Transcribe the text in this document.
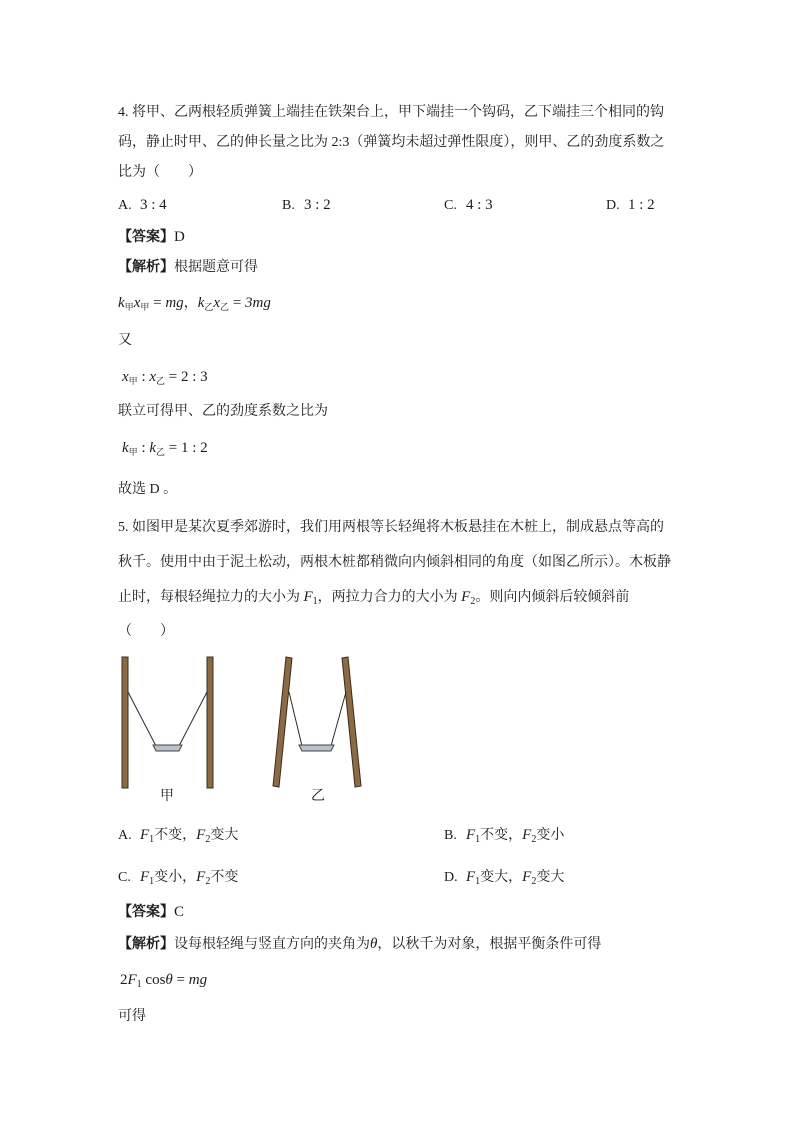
4. 将甲、乙两根轻质弹簧上端挂在铁架台上，甲下端挂一个钩码，乙下端挂三个相同的钩
码，静止时甲、乙的伸长量之比为 2:3（弹簧均未超过弹性限度），则甲、乙的劲度系数之
比为（　　）
A. 3 : 4	B. 3 : 2	C. 4 : 3	D. 1 : 2
【答案】D
【解析】根据题意可得
$k_甲x_甲$ = mg，$k_乙x_乙 = 3mg$
又
$x_甲$ : $x_乙 = 2$ : 3
联立可得甲、乙的劲度系数之比为
$k_甲$ : $k_乙 = 1$ : 2
故选 D 。
5. 如图甲是某次夏季郊游时，我们用两根等长轻绳将木板悬挂在木桩上，制成悬点等高的
秋千。使用中由于泥土松动，两根木桩都稍微向内倾斜相同的角度（如图乙所示）。木板静
止时，每根轻绳拉力的大小为 $F_1$，两拉力合力的大小为 $F_2$。则向内倾斜后较倾斜前
（　　）
甲	乙
A. $F_1$不变，$F_2$变大	B. $F_1$不变，$F_2$变小
C. $F_1$变小，$F_2$不变	D. $F_1$变大，$F_2$变大
【答案】C
【解析】设每根轻绳与竖直方向的夹角为θ，以秋千为对象，根据平衡条件可得
$2F_1$ cosθ = mg
可得
